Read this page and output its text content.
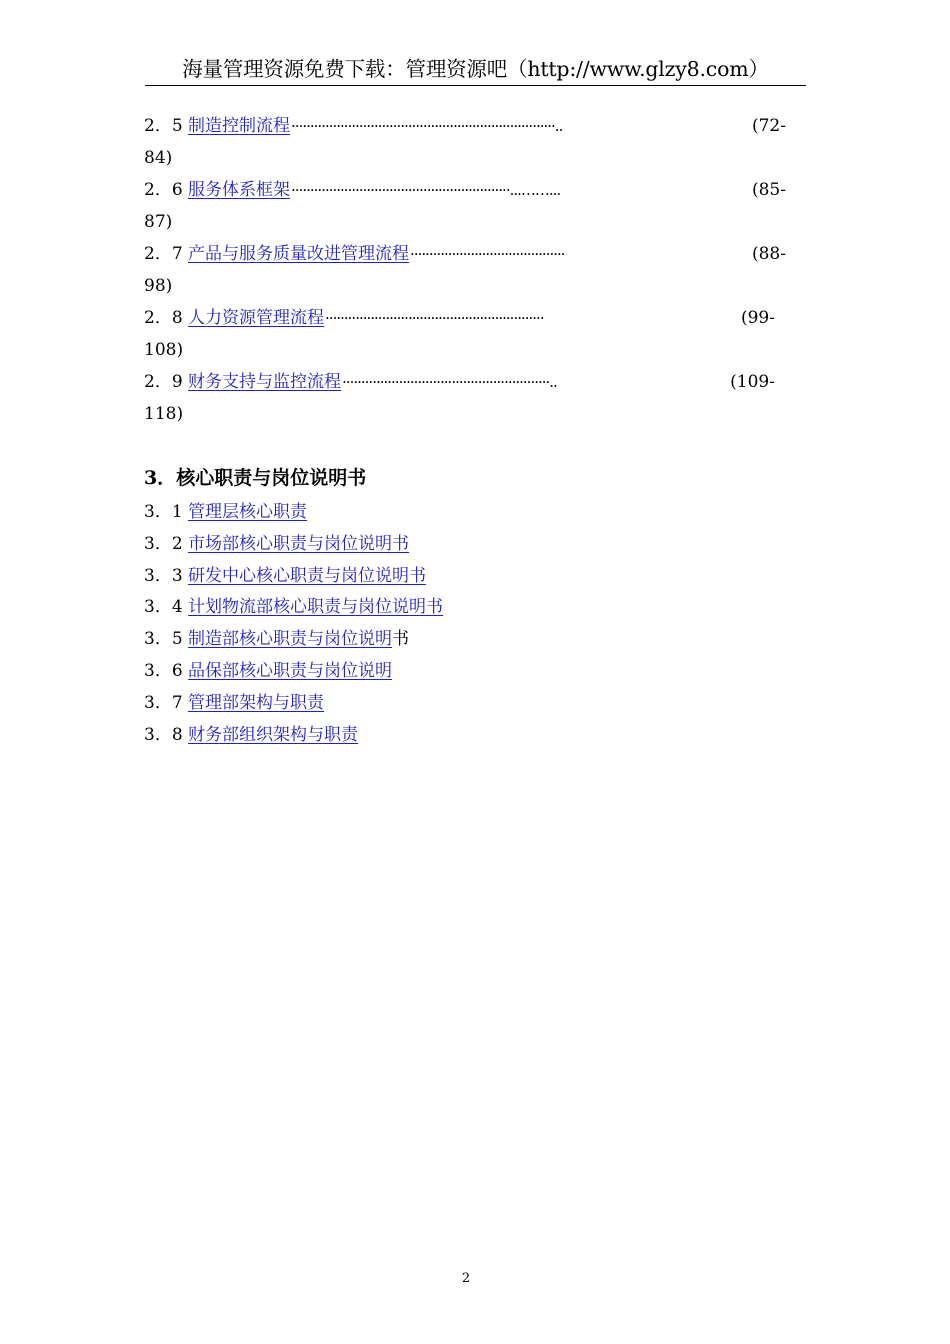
海量管理资源免费下载：管理资源吧（http://www.glzy8.com）
2．5 制造控制流程 ······································································..	(72-
84)
2．6 服务体系框架 ··························································...……...	(85-
87)
2．7 产品与服务质量改进管理流程 ·········································	(88-
98)
2．8 人力资源管理流程 ··························································	(99-
108)
2．9 财务支持与监控流程 ·······················································..	(109-
118)
3．核心职责与岗位说明书
3．1 管理层核心职责
3．2 市场部核心职责与岗位说明书
3．3 研发中心核心职责与岗位说明书
3．4 计划物流部核心职责与岗位说明书
3．5 制造部核心职责与岗位说明 书
3．6 品保部核心职责与岗位说明
3．7 管理部架构与职责
3．8 财务部组织架构与职责
2
